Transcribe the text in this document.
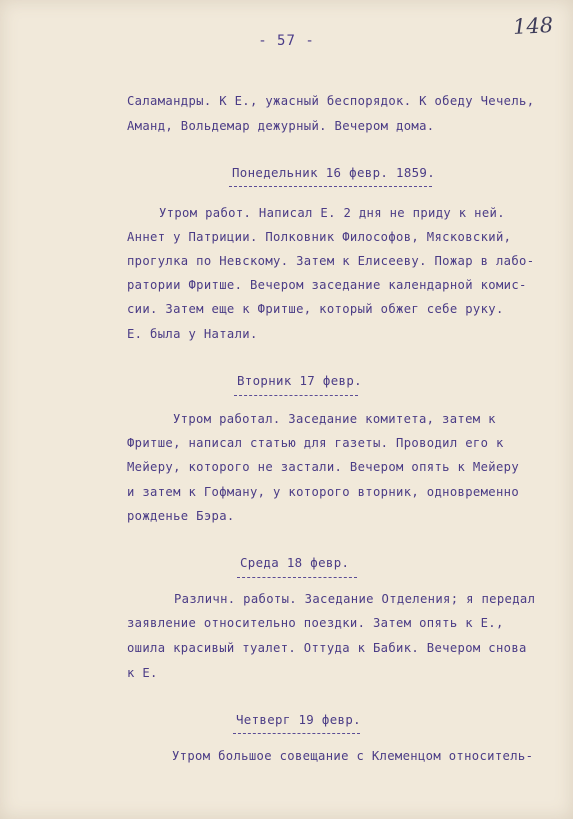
- 57 -
148
Саламандры. К Е., ужасный беспорядок. К обеду Чечель,
Аманд, Вольдемар дежурный. Вечером дома.
Понедельник 16 февр. 1859.
Утром работ. Написал Е. 2 дня не приду к ней.
Аннет у Патриции. Полковник Философов, Мясковский,
прогулка по Невскому. Затем к Елисееву. Пожар в лабо-
ратории Фритше. Вечером заседание календарной комис-
сии. Затем еще к Фритше, который обжег себе руку.
Е. была у Натали.
Вторник 17 февр.
Утром работал. Заседание комитета, затем к
Фритше, написал статью для газеты. Проводил его к
Мейеру, которого не застали. Вечером опять к Мейеру
и затем к Гофману, у которого вторник, одновременно
рожденье Бэра.
Среда 18 февр.
Различн. работы. Заседание Отделения; я передал
заявление относительно поездки. Затем опять к Е.,
ошила красивый туалет. Оттуда к Бабик. Вечером снова
к Е.
Четверг 19 февр.
Утром большое совещание с Клеменцом относитель-
